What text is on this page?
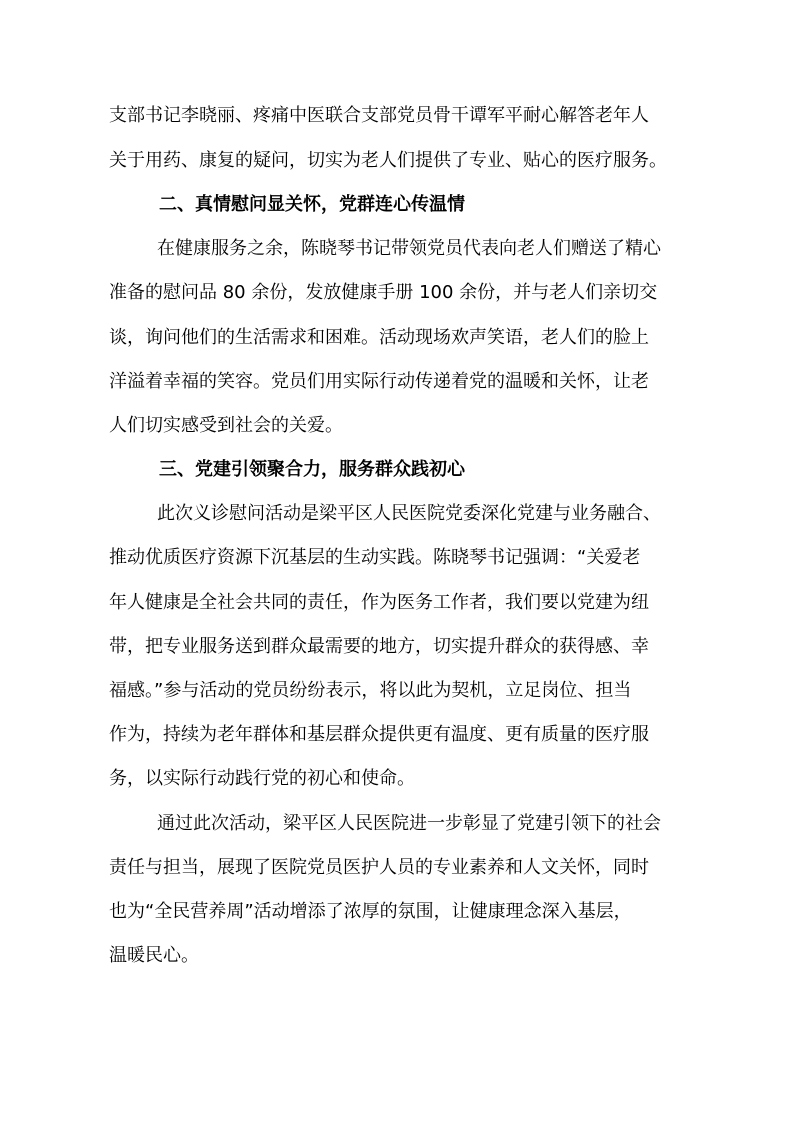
支部书记李晓丽、疼痛中医联合支部党员骨干谭军平耐心解答老年人

关于用药、康复的疑问，切实为老人们提供了专业、贴心的医疗服务。

二、真情慰问显关怀，党群连心传温情

在健康服务之余，陈晓琴书记带领党员代表向老人们赠送了精心

准备的慰问品 80 余份，发放健康手册 100 余份，并与老人们亲切交

谈，询问他们的生活需求和困难。活动现场欢声笑语，老人们的脸上

洋溢着幸福的笑容。党员们用实际行动传递着党的温暖和关怀，让老

人们切实感受到社会的关爱。

三、党建引领聚合力，服务群众践初心

此次义诊慰问活动是梁平区人民医院党委深化党建与业务融合、

推动优质医疗资源下沉基层的生动实践。陈晓琴书记强调：“关爱老

年人健康是全社会共同的责任，作为医务工作者，我们要以党建为纽

带，把专业服务送到群众最需要的地方，切实提升群众的获得感、幸

福感。”参与活动的党员纷纷表示，将以此为契机，立足岗位、担当

作为，持续为老年群体和基层群众提供更有温度、更有质量的医疗服

务，以实际行动践行党的初心和使命。

通过此次活动，梁平区人民医院进一步彰显了党建引领下的社会

责任与担当，展现了医院党员医护人员的专业素养和人文关怀，同时

也为“全民营养周”活动增添了浓厚的氛围，让健康理念深入基层，

温暖民心。
